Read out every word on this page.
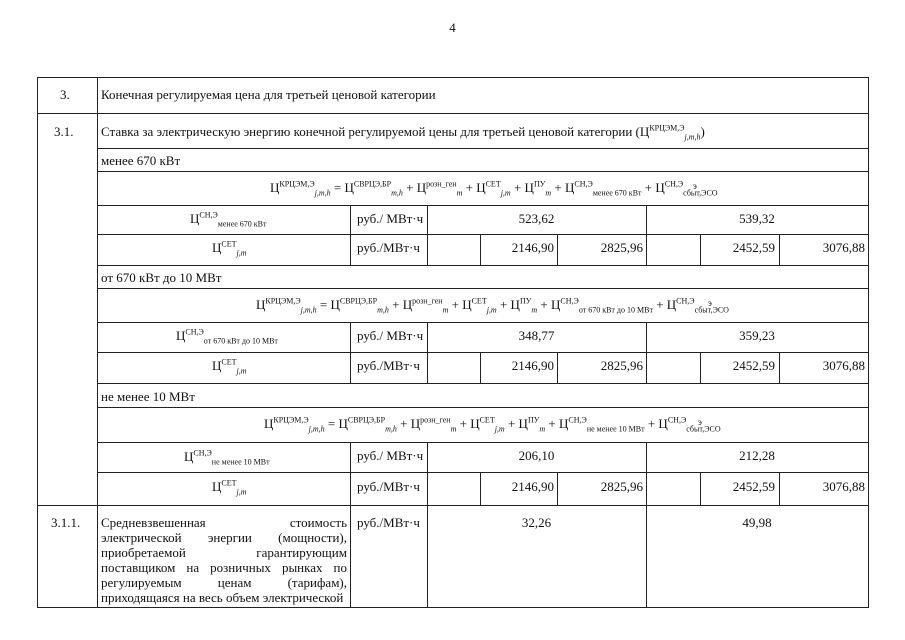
4
3. Конечная регулируемая цена для третьей ценовой категории
3.1. Ставка за электрическую энергию конечной регулируемой цены для третьей ценовой категории $(Ц^{КРЦЭМ,Э}_{j,m,h})$
менее 670 кВт
$Ц^{КРЦЭМ,Э}_{j,m,h} = Ц^{СВРЦЭ,БР}_{m,h} + Ц^{розн\_ген}_m + Ц^{СЕТ}_{j,m} + Ц^{ПУ}_m + Ц^{СН,Э}_{менее 670 кВт} + Ц^{СН,Э}_{сбыт,ЭСО}$
э
$Ц^{СН,Э}_{менее 670 кВт}$	руб./ МВт·ч	523,62	539,32
$Ц^{СЕТ}_{j,m}$	руб./МВт·ч	2146,90	2825,96	2452,59	3076,88
от 670 кВт до 10 МВт
$Ц^{КРЦЭМ,Э}_{j,m,h} = Ц^{СВРЦЭ,БР}_{m,h} + Ц^{розн\_ген}_m + Ц^{СЕТ}_{j,m} + Ц^{ПУ}_m + Ц^{СН,Э}_{от 670 кВт до 10 МВт} + Ц^{СН,Э}_{сбыт,ЭСО}$
э
$Ц^{СН,Э}_{от 670 кВт до 10 МВт}$	руб./ МВт·ч	348,77	359,23
$Ц^{СЕТ}_{j,m}$	руб./МВт·ч	2146,90	2825,96	2452,59	3076,88
не менее 10 МВт
$Ц^{КРЦЭМ,Э}_{j,m,h} = Ц^{СВРЦЭ,БР}_{m,h} + Ц^{розн\_ген}_m + Ц^{СЕТ}_{j,m} + Ц^{ПУ}_m + Ц^{СН,Э}_{не менее 10 МВт} + Ц^{СН,Э}_{сбыт,ЭСО}$
э
$Ц^{СН,Э}_{не менее 10 МВт}$	руб./ МВт·ч	206,10	212,28
$Ц^{СЕТ}_{j,m}$	руб./МВт·ч	2146,90	2825,96	2452,59	3076,88
3.1.1. Средневзвешенная стоимость
электрической энергии (мощности),
приобретаемой гарантирующим
поставщиком на розничных рынках по
регулируемым ценам (тарифам),
приходящаяся на весь объем электрической
руб./МВт·ч	32,26	49,98
